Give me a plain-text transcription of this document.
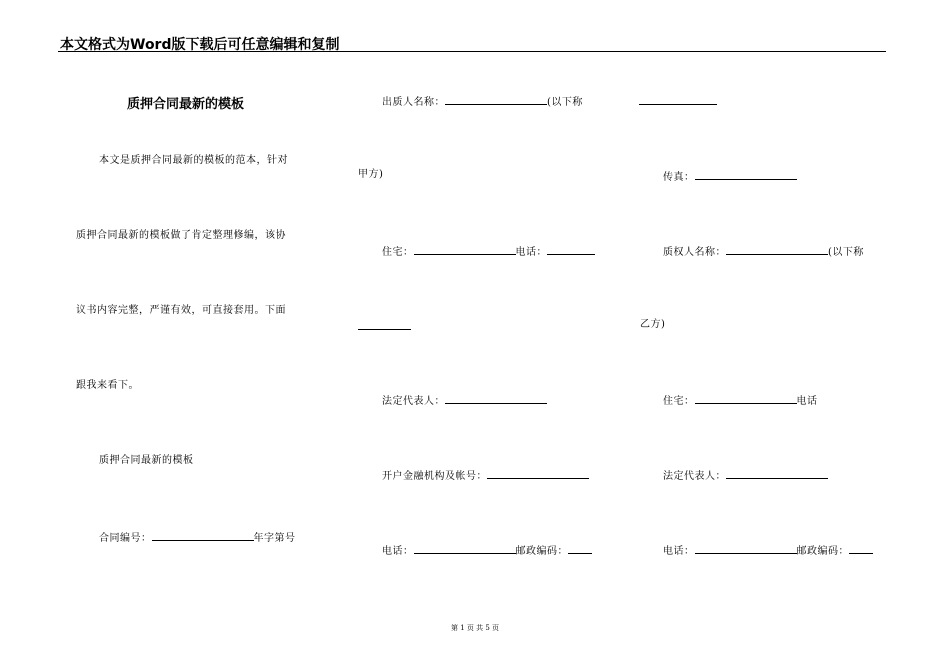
本文格式为Word版下载后可任意编辑和复制
质押合同最新的模板
本文是质押合同最新的模板的范本，针对
质押合同最新的模板做了肯定整理修编，该协
议书内容完整，严谨有效，可直接套用。下面
跟我来看下。
质押合同最新的模板
合同编号：	年字第号
出质人名称：	(以下称
甲方)
住宅：	电话：
法定代表人：
开户金融机构及帐号：
电话：	邮政编码：
传真：
质权人名称：	(以下称
乙方)
住宅：	电话
法定代表人：
电话：	邮政编码：
第 1 页 共 5 页
